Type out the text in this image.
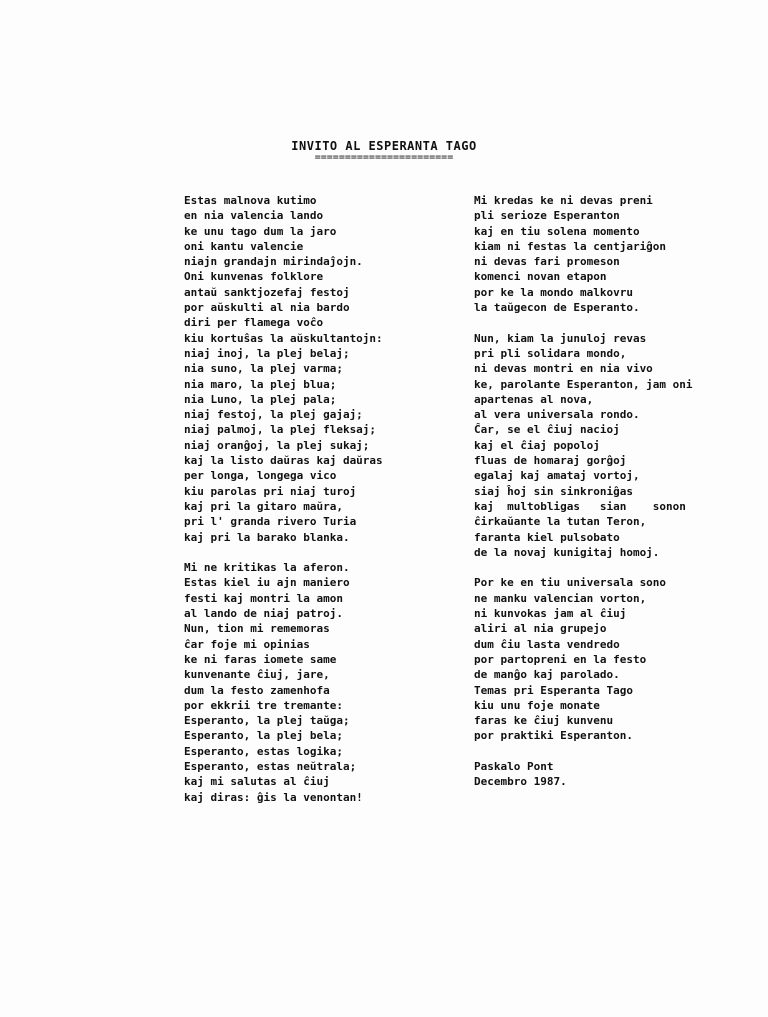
INVITO AL ESPERANTA TAGO
=======================
Estas malnova kutimo
en nia valencia lando
ke unu tago dum la jaro
oni kantu valencie
niajn grandajn mirindaĵojn.
Oni kunvenas folklore
antaŭ sanktjozefaj festoj
por aŭskulti al nia bardo
diri per flamega voĉo
kiu kortuŝas la aŭskultantojn:
niaj inoj, la plej belaj;
nia suno, la plej varma;
nia maro, la plej blua;
nia Luno, la plej pala;
niaj festoj, la plej gajaj;
niaj palmoj, la plej fleksaj;
niaj oranĝoj, la plej sukaj;
kaj la listo daŭras kaj daŭras
per longa, longega vico
kiu parolas pri niaj turoj
kaj pri la gitaro maŭra,
pri l' granda rivero Turia
kaj pri la barako blanka.
Mi ne kritikas la aferon.
Estas kiel iu ajn maniero
festi kaj montri la amon
al lando de niaj patroj.
Nun, tion mi rememoras
ĉar foje mi opinias
ke ni faras iomete same
kunvenante ĉiuj, jare,
dum la festo zamenhofa
por ekkrii tre tremante:
Esperanto, la plej taŭga;
Esperanto, la plej bela;
Esperanto, estas logika;
Esperanto, estas neŭtrala;
kaj mi salutas al ĉiuj
kaj diras: ĝis la venontan!
Mi kredas ke ni devas preni
pli serioze Esperanton
kaj en tiu solena momento
kiam ni festas la centjariĝon
ni devas fari promeson
komenci novan etapon
por ke la mondo malkovru
la taŭgecon de Esperanto.
Nun, kiam la junuloj revas
pri pli solidara mondo,
ni devas montri en nia vivo
ke, parolante Esperanton, jam oni
apartenas al nova,
al vera universala rondo.
Ĉar, se el ĉiuj nacioj
kaj el ĉiaj popoloj
fluas de homaraj gorĝoj
egalaj kaj amataj vortoj,
siaj ĥoj sin sinkroniĝas
kaj  multobligas   sian    sonon
ĉirkaŭante la tutan Teron,
faranta kiel pulsobato
de la novaj kunigitaj homoj.
Por ke en tiu universala sono
ne manku valencian vorton,
ni kunvokas jam al ĉiuj
aliri al nia grupejo
dum ĉiu lasta vendredo
por partopreni en la festo
de manĝo kaj parolado.
Temas pri Esperanta Tago
kiu unu foje monate
faras ke ĉiuj kunvenu
por praktiki Esperanton.
Paskalo Pont
Decembro 1987.
